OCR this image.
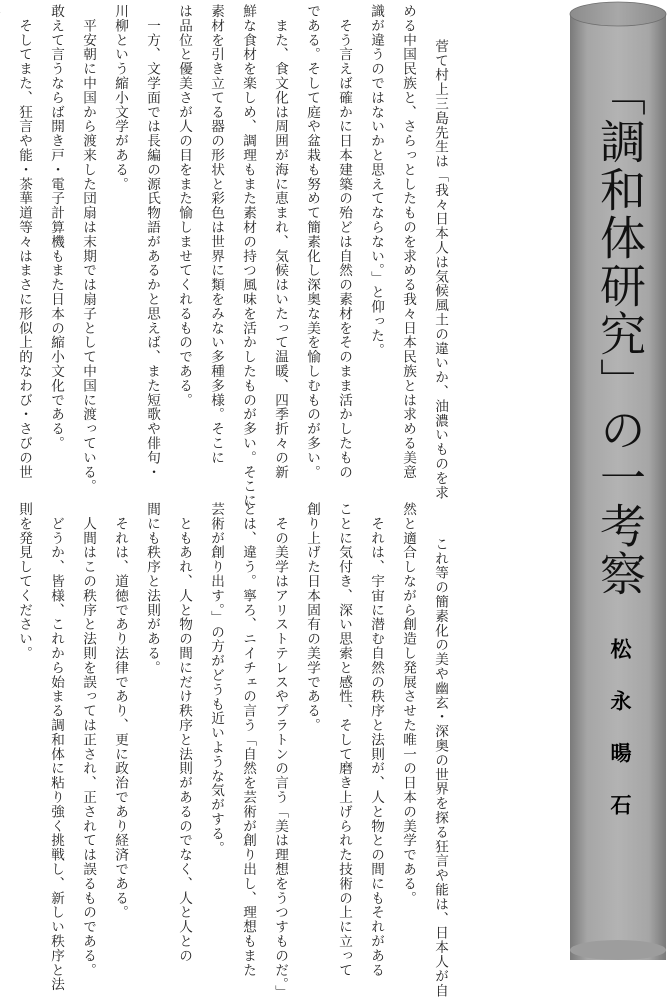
　菅て村上三島先生は「我々日本人は気候風土の違いか、油濃いものを求
める中国民族と、さらっとしたものを求める我々日本民族とは求める美意
識が違うのではないかと思えてならない。」と仰った。
　そう言えば確かに日本建築の殆どは自然の素材をそのまま活かしたもの
である。そして庭や盆栽も努めて簡素化し深奥な美を愉しむものが多い。
　また、食文化は周囲が海に恵まれ、気候はいたって温暖、四季折々の新
鮮な食材を楽しめ、調理もまた素材の持つ風味を活かしたものが多い。そこに
素材を引き立てる器の形状と彩色は世界に類をみない多種多様。そこに
は品位と優美さが人の目をまた愉しませてくれるものである。
　一方、文学面では長編の源氏物語があるかと思えば、また短歌や俳句・
川柳という縮小文学がある。
　平安朝に中国から渡来した団扇は末期では扇子として中国に渡っている。
敢えて言うならば開き戸・電子計算機もまた日本の縮小文化である。
　そしてまた、狂言や能・茶華道等々はまさに形似上的なわび・さびの世

　これ等の簡素化の美や幽玄・深奥の世界を探る狂言や能は、日本人が自
然と適合しながら創造し発展させた唯一の日本の美学である。
　それは、宇宙に潜む自然の秩序と法則が、人と物との間にもそれがある
ことに気付き、深い思索と感性、そして磨き上げられた技術の上に立って
創り上げた日本固有の美学である。
　その美学はアリストテレスやプラトンの言う「美は理想をうつすものだ。」
とは、違う。寧ろ、ニイチェの言う「自然を芸術が創り出し、理想もまた
芸術が創り出す。」の方がどうも近いような気がする。
　ともあれ、人と物の間にだけ秩序と法則があるのでなく、人と人との
間にも秩序と法則がある。
　それは、道徳であり法律であり、更に政治であり経済である。
　人間はこの秩序と法則を誤っては正され、正されては誤るものである。
　どうか、皆様、これから始まる調和体に粘り強く挑戦し、新しい秩序と法
則を発見してください。
	「調和体研究」の一考察
松永暘石
